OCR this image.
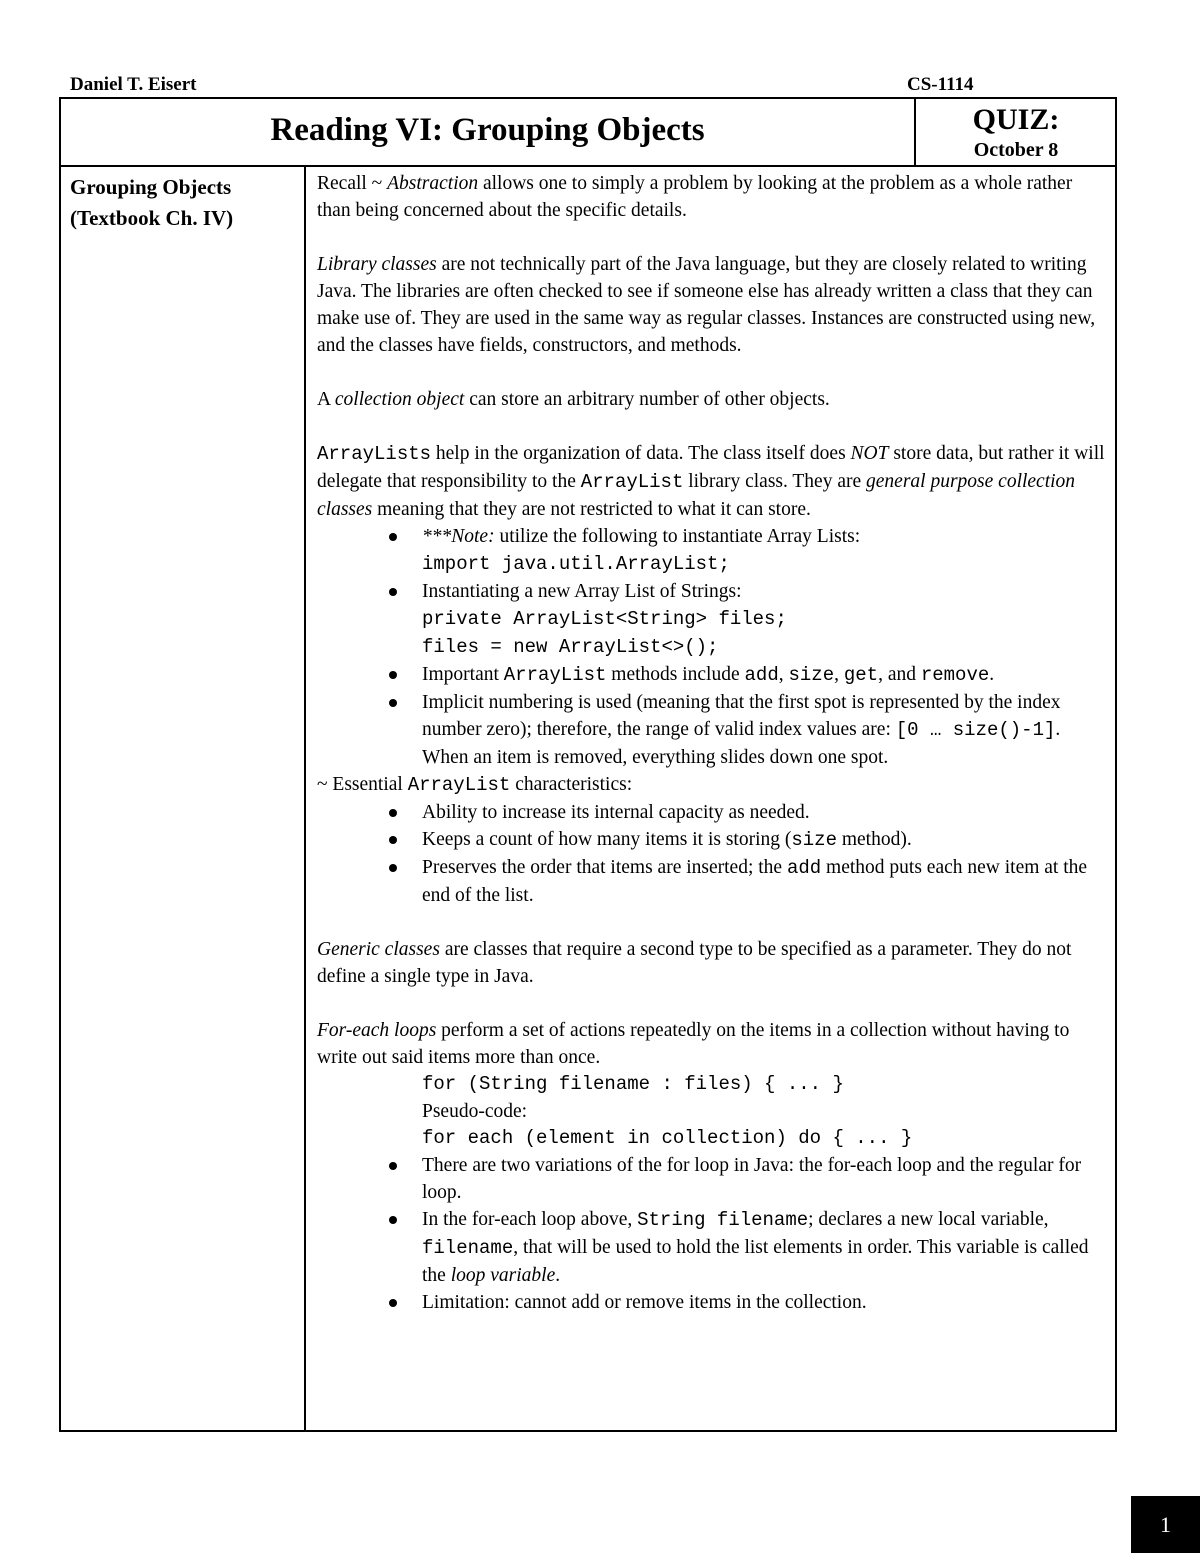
Daniel T. Eisert	CS-1114
Reading VI: Grouping Objects	QUIZ:
October 8
Grouping Objects
(Textbook Ch. IV)

Recall ~ Abstraction allows one to simply a problem by looking at the problem as a whole rather than being concerned about the specific details.

Library classes are not technically part of the Java language, but they are closely related to writing Java. The libraries are often checked to see if someone else has already written a class that they can make use of. They are used in the same way as regular classes. Instances are constructed using new, and the classes have fields, constructors, and methods.

A collection object can store an arbitrary number of other objects.

ArrayLists help in the organization of data. The class itself does NOT store data, but rather it will delegate that responsibility to the ArrayList library class. They are general purpose collection classes meaning that they are not restricted to what it can store.

***Note: utilize the following to instantiate Array Lists:
import java.util.ArrayList;
Instantiating a new Array List of Strings:
private ArrayList<String> files;
files = new ArrayList<>();
Important ArrayList methods include add, size, get, and remove.
Implicit numbering is used (meaning that the first spot is represented by the index number zero); therefore, the range of valid index values are: [0 … size()-1]. When an item is removed, everything slides down one spot.

~ Essential ArrayList characteristics:

Ability to increase its internal capacity as needed.
Keeps a count of how many items it is storing (size method).
Preserves the order that items are inserted; the add method puts each new item at the end of the list.

Generic classes are classes that require a second type to be specified as a parameter. They do not define a single type in Java.

For-each loops perform a set of actions repeatedly on the items in a collection without having to write out said items more than once.

for (String filename : files) { ... }
Pseudo-code:
for each (element in collection) do { ... }
There are two variations of the for loop in Java: the for-each loop and the regular for loop.
In the for-each loop above, String filename; declares a new local variable, filename, that will be used to hold the list elements in order. This variable is called the loop variable.
Limitation: cannot add or remove items in the collection.
1
